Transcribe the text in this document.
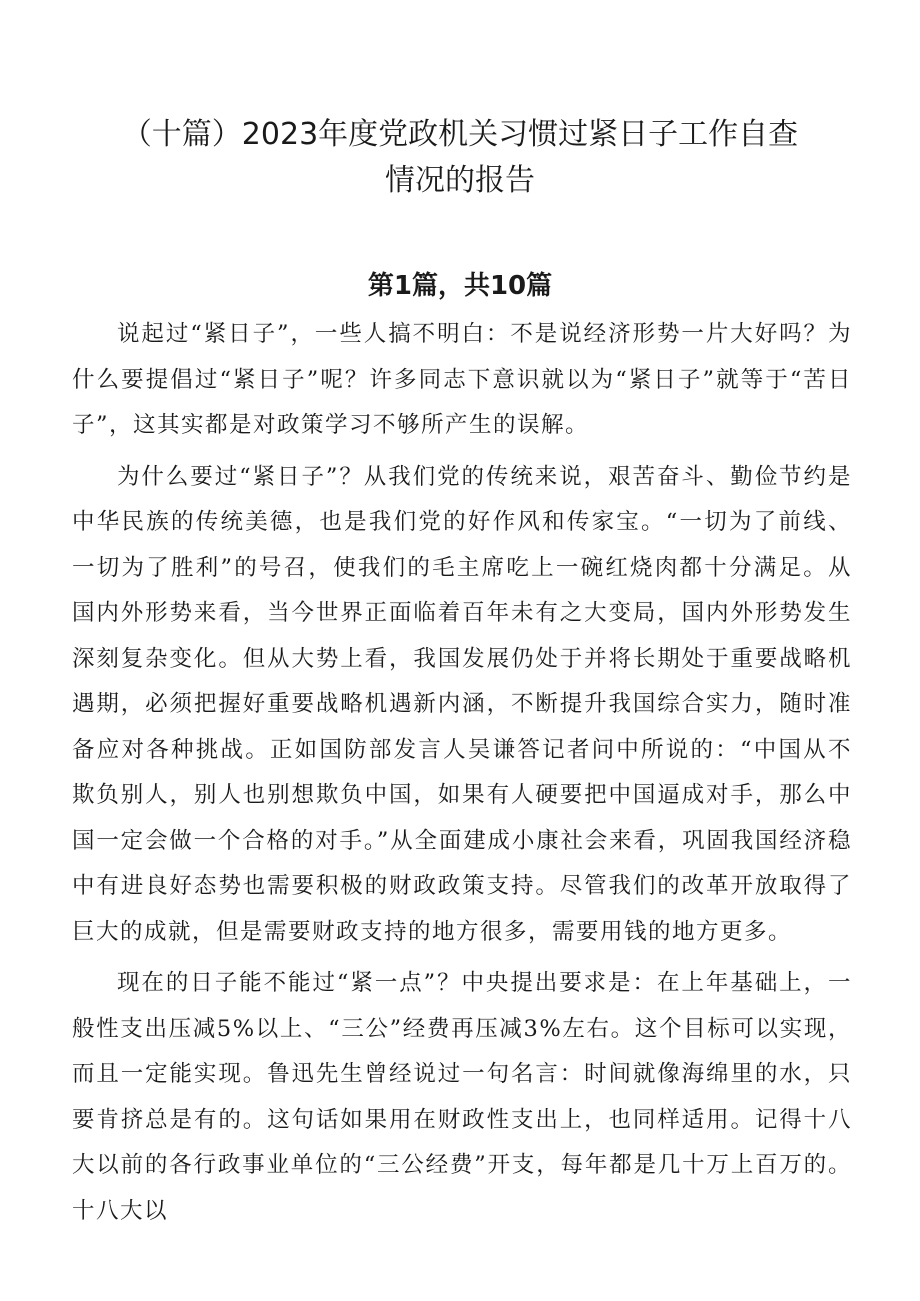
（十篇）2023年度党政机关习惯过紧日子工作自查
情况的报告
第1篇，共10篇

说起过“紧日子”，一些人搞不明白：不是说经济形势一片大好吗？为什么要提倡过“紧日子”呢？许多同志下意识就以为“紧日子”就等于“苦日子”，这其实都是对政策学习不够所产生的误解。

为什么要过“紧日子”？从我们党的传统来说，艰苦奋斗、勤俭节约是中华民族的传统美德，也是我们党的好作风和传家宝。“一切为了前线、一切为了胜利”的号召，使我们的毛主席吃上一碗红烧肉都十分满足。从国内外形势来看，当今世界正面临着百年未有之大变局，国内外形势发生深刻复杂变化。但从大势上看，我国发展仍处于并将长期处于重要战略机遇期，必须把握好重要战略机遇新内涵，不断提升我国综合实力，随时准备应对各种挑战。正如国防部发言人吴谦答记者问中所说的：“中国从不欺负别人，别人也别想欺负中国，如果有人硬要把中国逼成对手，那么中国一定会做一个合格的对手。”从全面建成小康社会来看，巩固我国经济稳中有进良好态势也需要积极的财政政策支持。尽管我们的改革开放取得了巨大的成就，但是需要财政支持的地方很多，需要用钱的地方更多。

现在的日子能不能过“紧一点”？中央提出要求是：在上年基础上，一般性支出压减5%以上、“三公”经费再压减3%左右。这个目标可以实现，而且一定能实现。鲁迅先生曾经说过一句名言：时间就像海绵里的水，只要肯挤总是有的。这句话如果用在财政性支出上，也同样适用。记得十八大以前的各行政事业单位的“三公经费”开支，每年都是几十万上百万的。十八大以
